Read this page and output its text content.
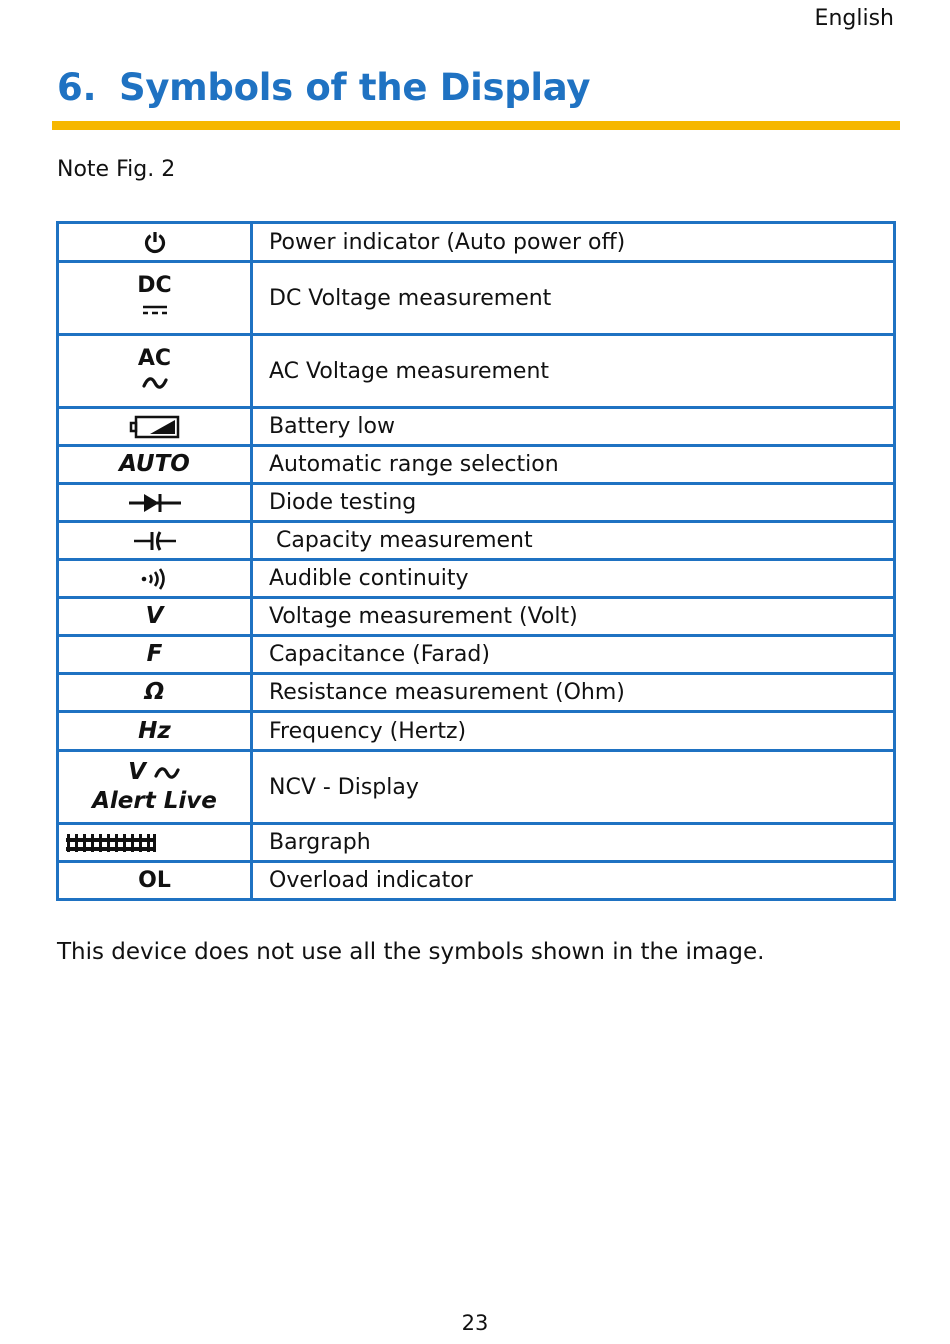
English
6. Symbols of the Display
Note Fig. 2
	Power indicator (Auto power off)

DC	DC Voltage measurement

AC	AC Voltage measurement
	Battery low
AUTO	Automatic range selection
	Diode testing
	Capacity measurement
	Audible continuity
V	Voltage measurement (Volt)
F	Capacitance (Farad)
Ω	Resistance measurement (Ohm)
Hz	Frequency (Hertz)

V
Alert Live	NCV - Display
	Bargraph
OL	Overload indicator
This device does not use all the symbols shown in the image.
23
